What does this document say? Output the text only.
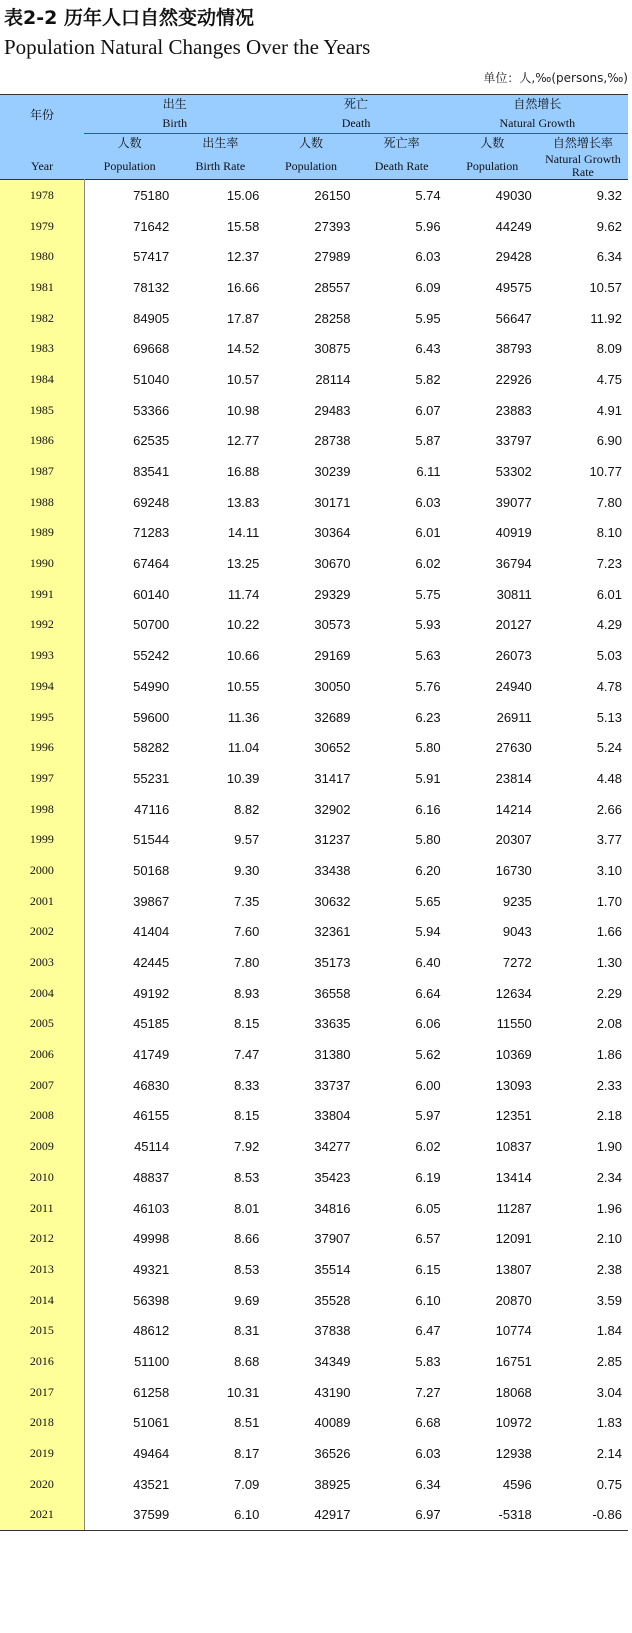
表2-2 历年人口自然变动情况
Population Natural Changes Over the Years
单位：人,‰(persons,‰)
年份	出生		死亡		自然增长	
	Birth		Death		Natural Growth	
	人数	出生率	人数	死亡率	人数	自然增长率
Year	Population	Birth Rate	Population	Death Rate	Population	Natural Growth Rate
1978	75180	15.06	26150	5.74	49030	9.32
1979	71642	15.58	27393	5.96	44249	9.62
1980	57417	12.37	27989	6.03	29428	6.34
1981	78132	16.66	28557	6.09	49575	10.57
1982	84905	17.87	28258	5.95	56647	11.92
1983	69668	14.52	30875	6.43	38793	8.09
1984	51040	10.57	28114	5.82	22926	4.75
1985	53366	10.98	29483	6.07	23883	4.91
1986	62535	12.77	28738	5.87	33797	6.90
1987	83541	16.88	30239	6.11	53302	10.77
1988	69248	13.83	30171	6.03	39077	7.80
1989	71283	14.11	30364	6.01	40919	8.10
1990	67464	13.25	30670	6.02	36794	7.23
1991	60140	11.74	29329	5.75	30811	6.01
1992	50700	10.22	30573	5.93	20127	4.29
1993	55242	10.66	29169	5.63	26073	5.03
1994	54990	10.55	30050	5.76	24940	4.78
1995	59600	11.36	32689	6.23	26911	5.13
1996	58282	11.04	30652	5.80	27630	5.24
1997	55231	10.39	31417	5.91	23814	4.48
1998	47116	8.82	32902	6.16	14214	2.66
1999	51544	9.57	31237	5.80	20307	3.77
2000	50168	9.30	33438	6.20	16730	3.10
2001	39867	7.35	30632	5.65	9235	1.70
2002	41404	7.60	32361	5.94	9043	1.66
2003	42445	7.80	35173	6.40	7272	1.30
2004	49192	8.93	36558	6.64	12634	2.29
2005	45185	8.15	33635	6.06	11550	2.08
2006	41749	7.47	31380	5.62	10369	1.86
2007	46830	8.33	33737	6.00	13093	2.33
2008	46155	8.15	33804	5.97	12351	2.18
2009	45114	7.92	34277	6.02	10837	1.90
2010	48837	8.53	35423	6.19	13414	2.34
2011	46103	8.01	34816	6.05	11287	1.96
2012	49998	8.66	37907	6.57	12091	2.10
2013	49321	8.53	35514	6.15	13807	2.38
2014	56398	9.69	35528	6.10	20870	3.59
2015	48612	8.31	37838	6.47	10774	1.84
2016	51100	8.68	34349	5.83	16751	2.85
2017	61258	10.31	43190	7.27	18068	3.04
2018	51061	8.51	40089	6.68	10972	1.83
2019	49464	8.17	36526	6.03	12938	2.14
2020	43521	7.09	38925	6.34	4596	0.75
2021	37599	6.10	42917	6.97	-5318	-0.86
